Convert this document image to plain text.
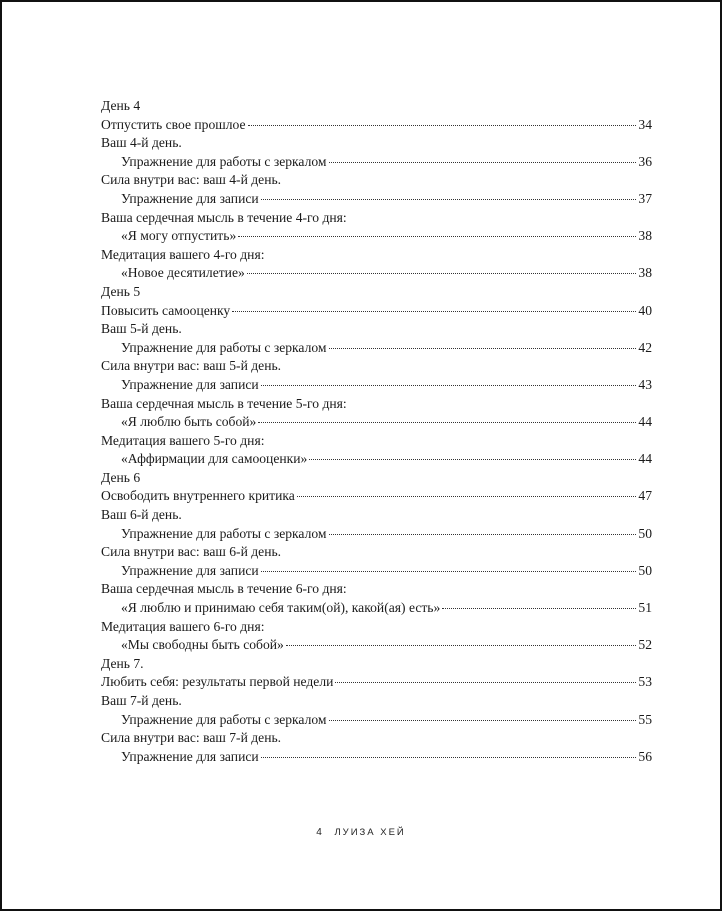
День 4
Отпустить свое прошлое	34
Ваш 4-й день.
Упражнение для работы с зеркалом	36
Сила внутри вас: ваш 4-й день.
Упражнение для записи	37
Ваша сердечная мысль в течение 4-го дня:
«Я могу отпустить»	38
Медитация вашего 4-го дня:
«Новое десятилетие»	38
День 5
Повысить самооценку	40
Ваш 5-й день.
Упражнение для работы с зеркалом	42
Сила внутри вас: ваш 5-й день.
Упражнение для записи	43
Ваша сердечная мысль в течение 5-го дня:
«Я люблю быть собой»	44
Медитация вашего 5-го дня:
«Аффирмации для самооценки»	44
День 6
Освободить внутреннего критика	47
Ваш 6-й день.
Упражнение для работы с зеркалом	50
Сила внутри вас: ваш 6-й день.
Упражнение для записи	50
Ваша сердечная мысль в течение 6-го дня:
«Я люблю и принимаю себя таким(ой), какой(ая) есть»	51
Медитация вашего 6-го дня:
«Мы свободны быть собой»	52
День 7.
Любить себя: результаты первой недели	53
Ваш 7-й день.
Упражнение для работы с зеркалом	55
Сила внутри вас: ваш 7-й день.
Упражнение для записи	56
4 ЛУИЗА ХЕЙ
